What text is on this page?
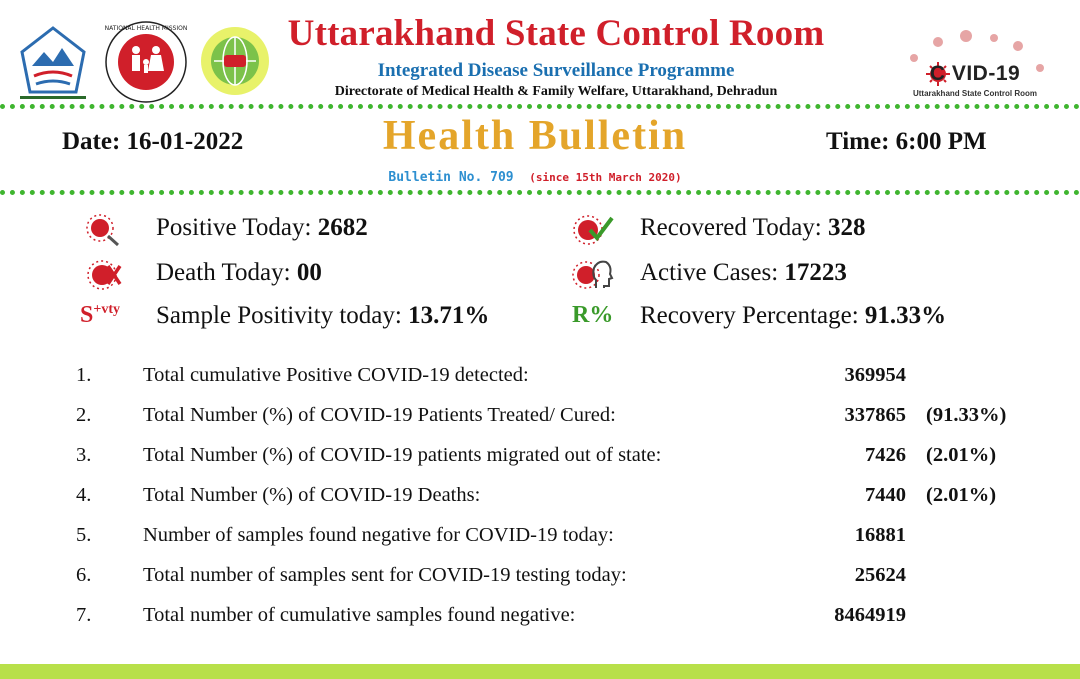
NATIONAL HEALTH MISSION	Uttarakhand State Control Room
Integrated Disease Surveillance Programme
Directorate of Medical Health & Family Welfare, Uttarakhand, Dehradun
C VID-19
Uttarakhand State Control Room
Date: 16-01-2022	Health Bulletin	Time: 6:00 PM
Bulletin No. 709 (since 15th March 2020)
Positive Today: 2682	Recovered Today: 328
Death Today: 00	Active Cases: 17223
$S^{+vty}$ Sample Positivity today: 13.71%	R% Recovery Percentage: 91.33%
1.	Total cumulative Positive COVID-19 detected:	369954
2.	Total Number (%) of COVID-19 Patients Treated/ Cured:	337865 (91.33%)
3.	Total Number (%) of COVID-19 patients migrated out of state:	7426 (2.01%)
4.	Total Number (%) of COVID-19 Deaths:	7440 (2.01%)
5.	Number of samples found negative for COVID-19 today:	16881
6.	Total number of samples sent for COVID-19 testing today:	25624
7.	Total number of cumulative samples found negative:	8464919
